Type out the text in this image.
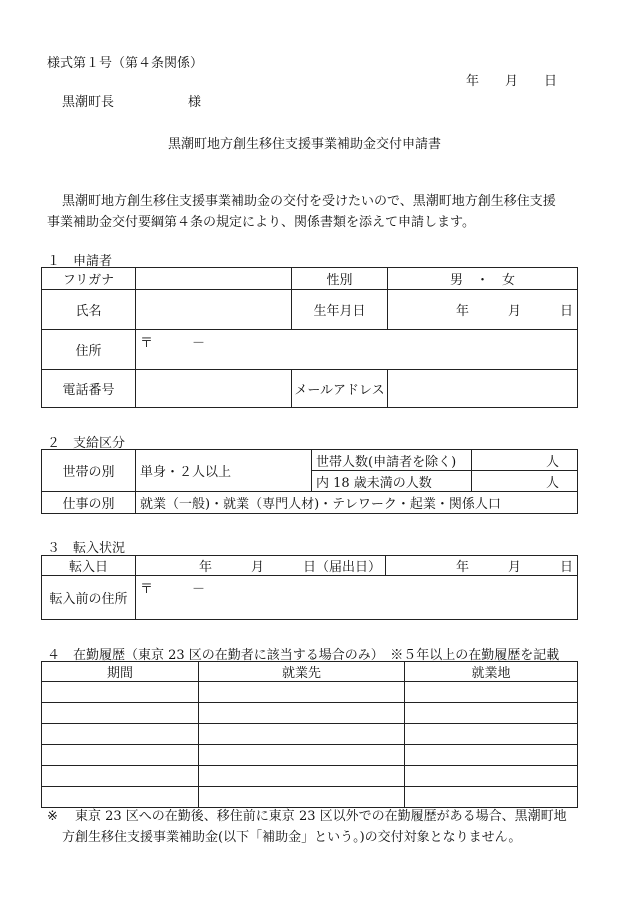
様式第１号（第４条関係）
年　　月　　日
黒潮町長	様
黒潮町地方創生移住支援事業補助金交付申請書
黒潮町地方創生移住支援事業補助金の交付を受けたいので、黒潮町地方創生移住支援
事業補助金交付要綱第４条の規定により、関係書類を添えて申請します。
１　申請者
フリガナ		性別	男　・　女
氏名		生年月日	年　　　月　　　日
住所	〒　　　－		
電話番号		メールアドレス	
２　支給区分
世帯の別	単身・２人以上	世帯人数(申請者を除く)	人
		内 18 歳未満の人数	人
仕事の別	就業（一般)・就業（専門人材)・テレワーク・起業・関係人口		
３　転入状況
転入日	年　　　月　　　日（届出日）	年　　　月　　　日
転入前の住所	〒　　　－	
４　在勤履歴（東京 23 区の在勤者に該当する場合のみ）　※５年以上の在勤履歴を記載
期間	就業先	就業地

※ 東京 23 区への在勤後、移住前に東京 23 区以外での在勤履歴がある場合、黒潮町地
方創生移住支援事業補助金(以下「補助金」という。)の交付対象となりません。
